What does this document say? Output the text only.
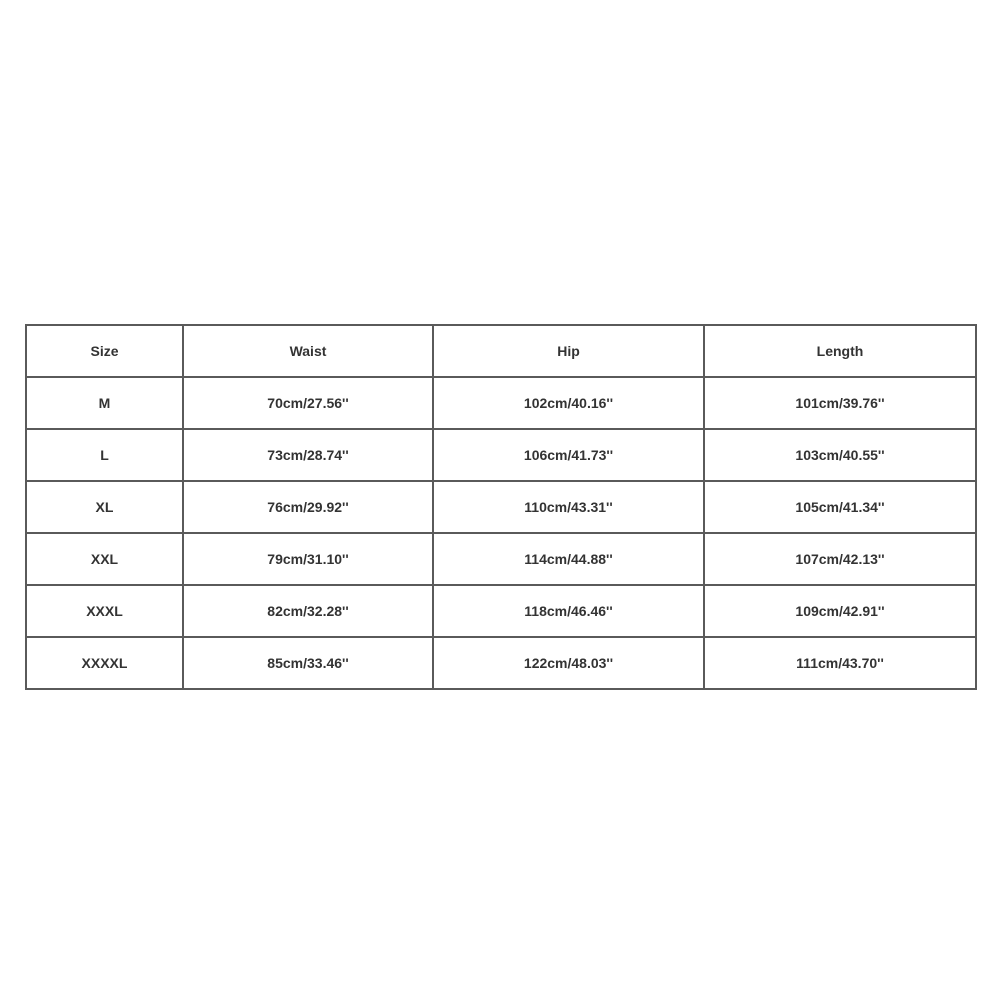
Size	Waist	Hip	Length
M	70cm/27.56''	102cm/40.16''	101cm/39.76''
L	73cm/28.74''	106cm/41.73''	103cm/40.55''
XL	76cm/29.92''	110cm/43.31''	105cm/41.34''
XXL	79cm/31.10''	114cm/44.88''	107cm/42.13''
XXXL	82cm/32.28''	118cm/46.46''	109cm/42.91''
XXXXL	85cm/33.46''	122cm/48.03''	111cm/43.70''
